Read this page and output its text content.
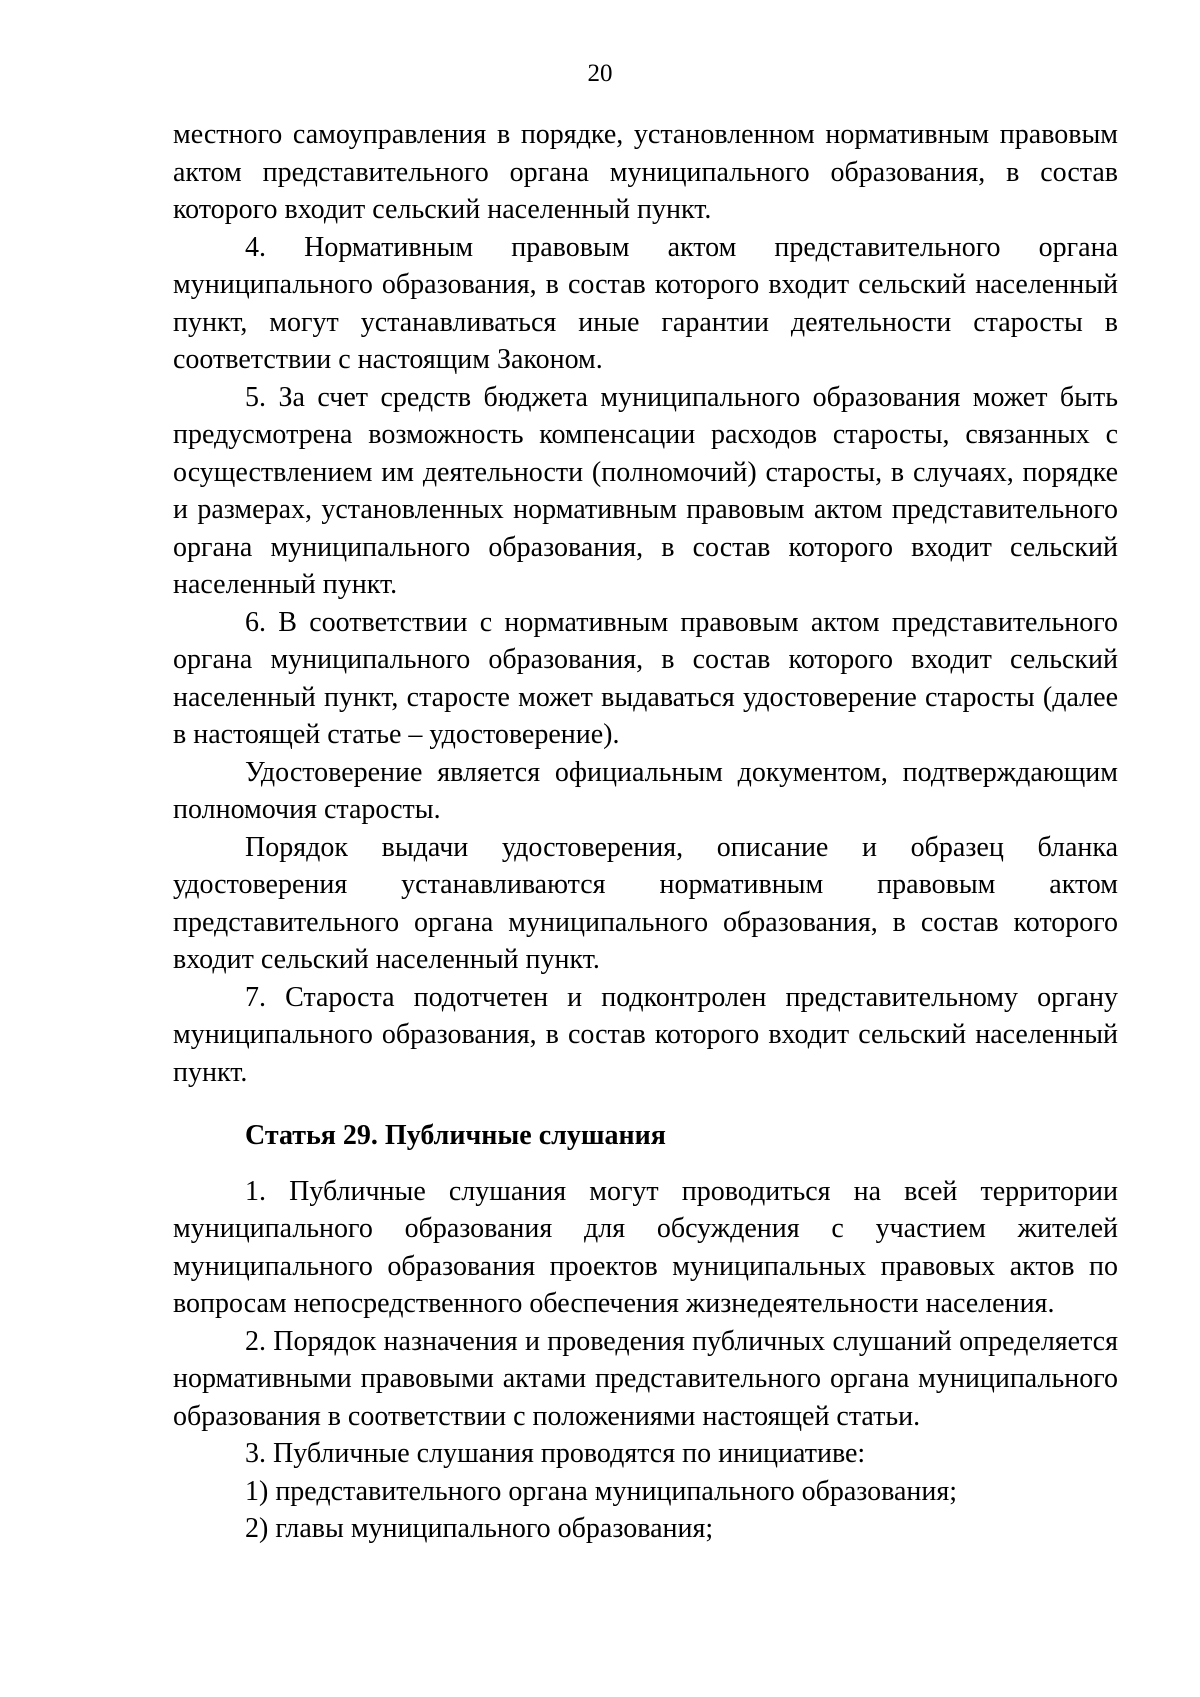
20

местного самоуправления в порядке, установленном нормативным правовым актом представительного органа муниципального образования, в состав которого входит сельский населенный пункт.

4. Нормативным правовым актом представительного органа муниципального образования, в состав которого входит сельский населенный пункт, могут устанавливаться иные гарантии деятельности старосты в соответствии с настоящим Законом.

5. За счет средств бюджета муниципального образования может быть предусмотрена возможность компенсации расходов старосты, связанных с осуществлением им деятельности (полномочий) старосты, в случаях, порядке и размерах, установленных нормативным правовым актом представительного органа муниципального образования, в состав которого входит сельский населенный пункт.

6. В соответствии с нормативным правовым актом представительного органа муниципального образования, в состав которого входит сельский населенный пункт, старосте может выдаваться удостоверение старосты (далее в настоящей статье – удостоверение).

Удостоверение является официальным документом, подтверждающим полномочия старосты.

Порядок выдачи удостоверения, описание и образец бланка удостоверения устанавливаются нормативным правовым актом представительного органа муниципального образования, в состав которого входит сельский населенный пункт.

7. Староста подотчетен и подконтролен представительному органу муниципального образования, в состав которого входит сельский населенный пункт.

Статья 29. Публичные слушания

1. Публичные слушания могут проводиться на всей территории муниципального образования для обсуждения с участием жителей муниципального образования проектов муниципальных правовых актов по вопросам непосредственного обеспечения жизнедеятельности населения.

2. Порядок назначения и проведения публичных слушаний определяется нормативными правовыми актами представительного органа муниципального образования в соответствии с положениями настоящей статьи.

3. Публичные слушания проводятся по инициативе:

1) представительного органа муниципального образования;

2) главы муниципального образования;
